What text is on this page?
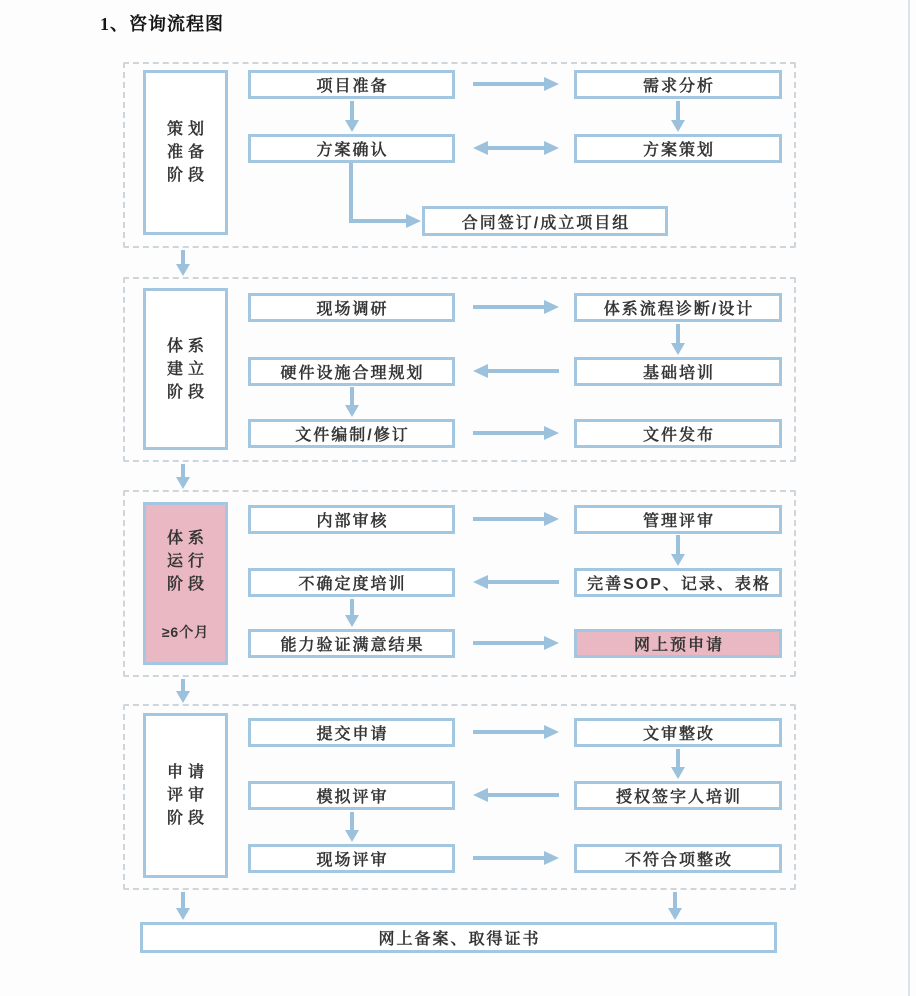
1、咨询流程图
策划
准备
阶段
项目准备
方案确认
需求分析
方案策划
合同签订/成立项目组
体系
建立
阶段
现场调研
硬件设施合理规划
文件编制/修订
体系流程诊断/设计
基础培训
文件发布
体系
运行
阶段
≥6个月
内部审核
不确定度培训
能力验证满意结果
管理评审
完善SOP、记录、表格
网上预申请
申请
评审
阶段
提交申请
模拟评审
现场评审
文审整改
授权签字人培训
不符合项整改
网上备案、取得证书
